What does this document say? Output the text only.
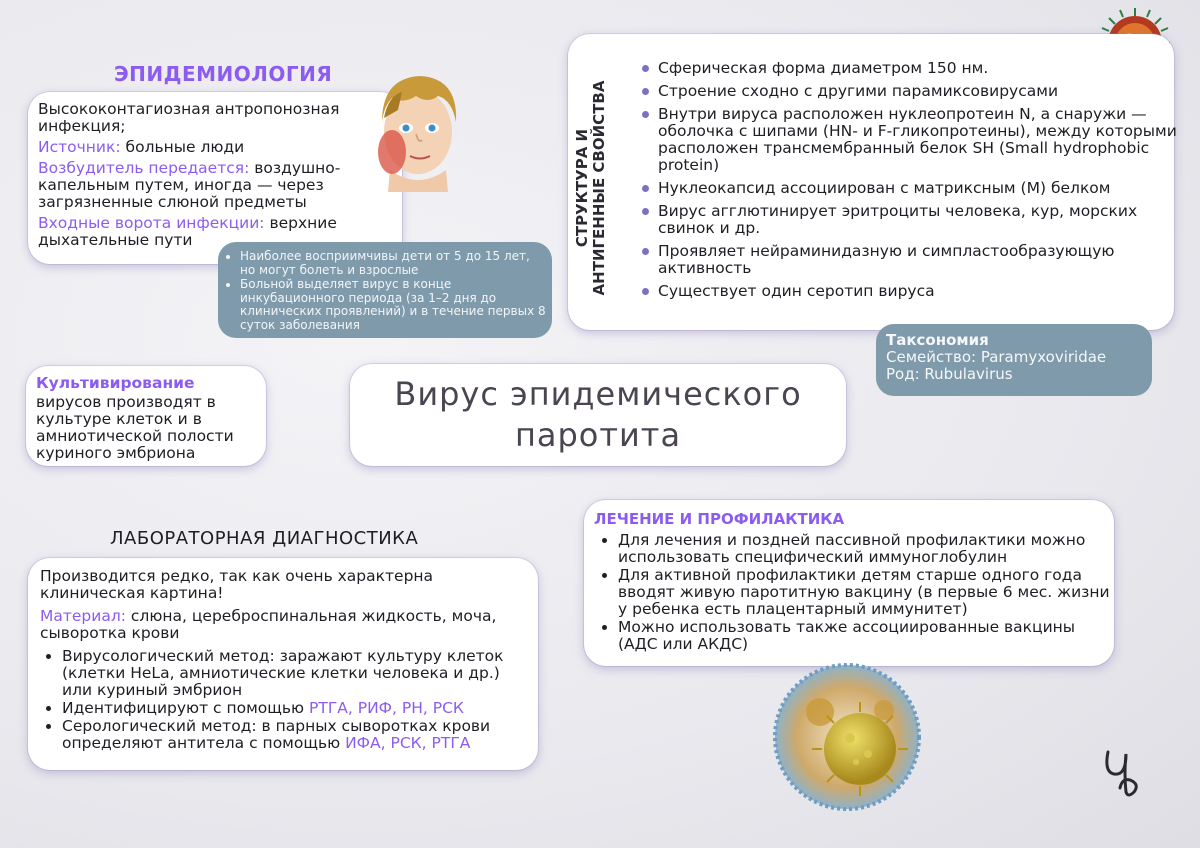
ЭПИДЕМИОЛОГИЯ
Высококонтагиозная антропонозная инфекция;
Источник: больные люди
Возбудитель передается: воздушно-капельным путем, иногда — через загрязненные слюной предметы
Входные ворота инфекции: верхние дыхательные пути
• Наиболее восприимчивы дети от 5 до 15 лет, но могут болеть и взрослые
• Больной выделяет вирус в конце инкубационного периода (за 1–2 дня до клинических проявлений) и в течение первых 8 суток заболевания
СТРУКТУРА И АНТИГЕННЫЕ СВОЙСТВА
Сферическая форма диаметром 150 нм.
Строение сходно с другими парамиксовирусами
Внутри вируса расположен нуклеопротеин N, а снаружи — оболочка с шипами (HN- и F-гликопротеины), между которыми расположен трансмембранный белок SH (Small hydrophobic protein)
Нуклеокапсид ассоциирован с матриксным (М) белком
Вирус агглютинирует эритроциты человека, кур, морских свинок и др.
Проявляет нейраминидазную и симпластообразующую активность
Существует один серотип вируса
Таксономия
Семейство: Paramyxoviridae
Род: Rubulavirus
Культивирование
вирусов производят в культуре клеток и в амниотической полости куриного эмбриона
Вирус эпидемического паротита
ЛАБОРАТОРНАЯ ДИАГНОСТИКА
Производится редко, так как очень характерна клиническая картина!
Материал: слюна, цереброспинальная жидкость, моча, сыворотка крови
• Вирусологический метод: заражают культуру клеток (клетки HeLa, амниотические клетки человека и др.) или куриный эмбрион
• Идентифицируют с помощью РТГА, РИФ, РН, РСК
• Серологический метод: в парных сыворотках крови определяют антитела с помощью ИФА, РСК, РТГА
ЛЕЧЕНИЕ И ПРОФИЛАКТИКА
• Для лечения и поздней пассивной профилактики можно использовать специфический иммуноглобулин
• Для активной профилактики детям старше одного года вводят живую паротитную вакцину (в первые 6 мес. жизни у ребенка есть плацентарный иммунитет)
• Можно использовать также ассоциированные вакцины (АДС или АКДС)
